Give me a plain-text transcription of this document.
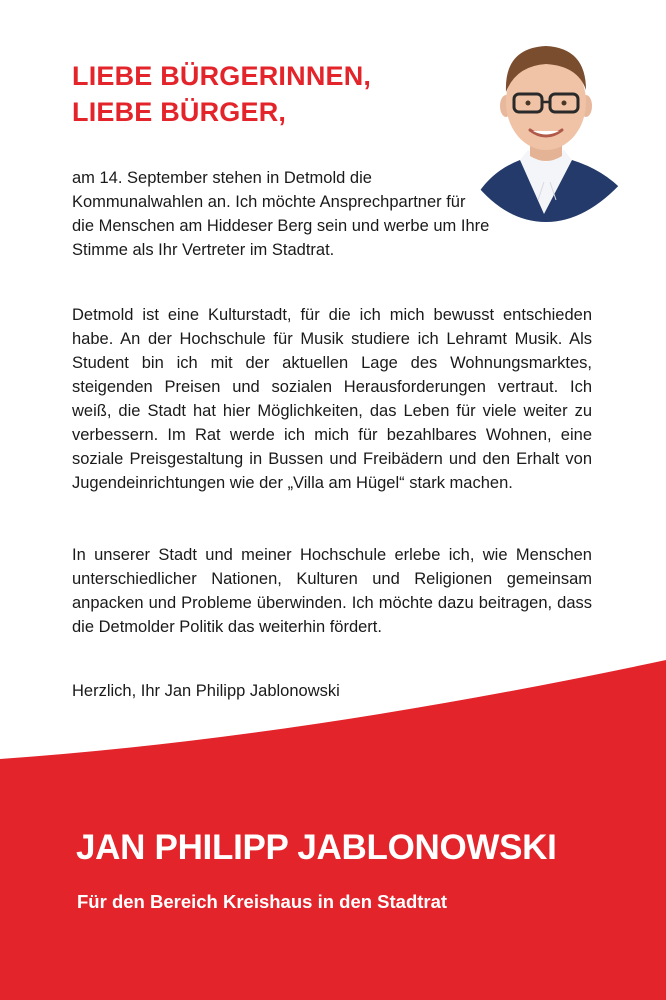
LIEBE BÜRGERINNEN,
LIEBE BÜRGER,

am 14. September stehen in Detmold die Kommunalwahlen an. Ich möchte Ansprechpartner für die Menschen am Hiddeser Berg sein und werbe um Ihre Stimme als Ihr Vertreter im Stadtrat.

Detmold ist eine Kulturstadt, für die ich mich bewusst entschieden habe. An der Hochschule für Musik studiere ich Lehramt Musik. Als Student bin ich mit der aktuellen Lage des Wohnungsmarktes, steigenden Preisen und sozialen Herausforderungen vertraut. Ich weiß, die Stadt hat hier Möglichkeiten, das Leben für viele weiter zu verbessern. Im Rat werde ich mich für bezahlbares Wohnen, eine soziale Preisgestaltung in Bussen und Freibädern und den Erhalt von Jugendeinrichtungen wie der „Villa am Hügel“ stark machen.

In unserer Stadt und meiner Hochschule erlebe ich, wie Menschen unterschiedlicher Nationen, Kulturen und Religionen gemeinsam anpacken und Probleme überwinden. Ich möchte dazu beitragen, dass die Detmolder Politik das weiterhin fördert.

Herzlich, Ihr Jan Philipp Jablonowski

JAN PHILIPP JABLONOWSKI

Für den Bereich Kreishaus in den Stadtrat
